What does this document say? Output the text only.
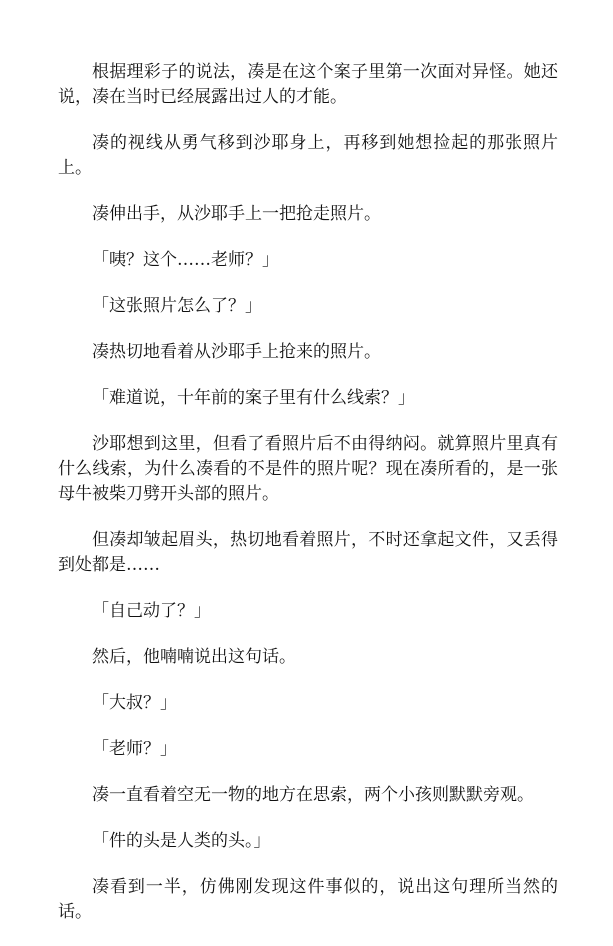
根据理彩子的说法，凑是在这个案子里第一次面对异怪。她还说，凑在当时已经展露出过人的才能。

凑的视线从勇气移到沙耶身上，再移到她想捡起的那张照片上。

凑伸出手，从沙耶手上一把抢走照片。

「咦？这个……老师？」

「这张照片怎么了？」

凑热切地看着从沙耶手上抢来的照片。

「难道说，十年前的案子里有什么线索？」

沙耶想到这里，但看了看照片后不由得纳闷。就算照片里真有什么线索，为什么凑看的不是件的照片呢？现在凑所看的，是一张母牛被柴刀劈开头部的照片。

但凑却皱起眉头，热切地看着照片，不时还拿起文件，又丢得到处都是……

「自己动了？」

然后，他喃喃说出这句话。

「大叔？」

「老师？」

凑一直看着空无一物的地方在思索，两个小孩则默默旁观。

「件的头是人类的头。」

凑看到一半，仿佛刚发现这件事似的，说出这句理所当然的话。
